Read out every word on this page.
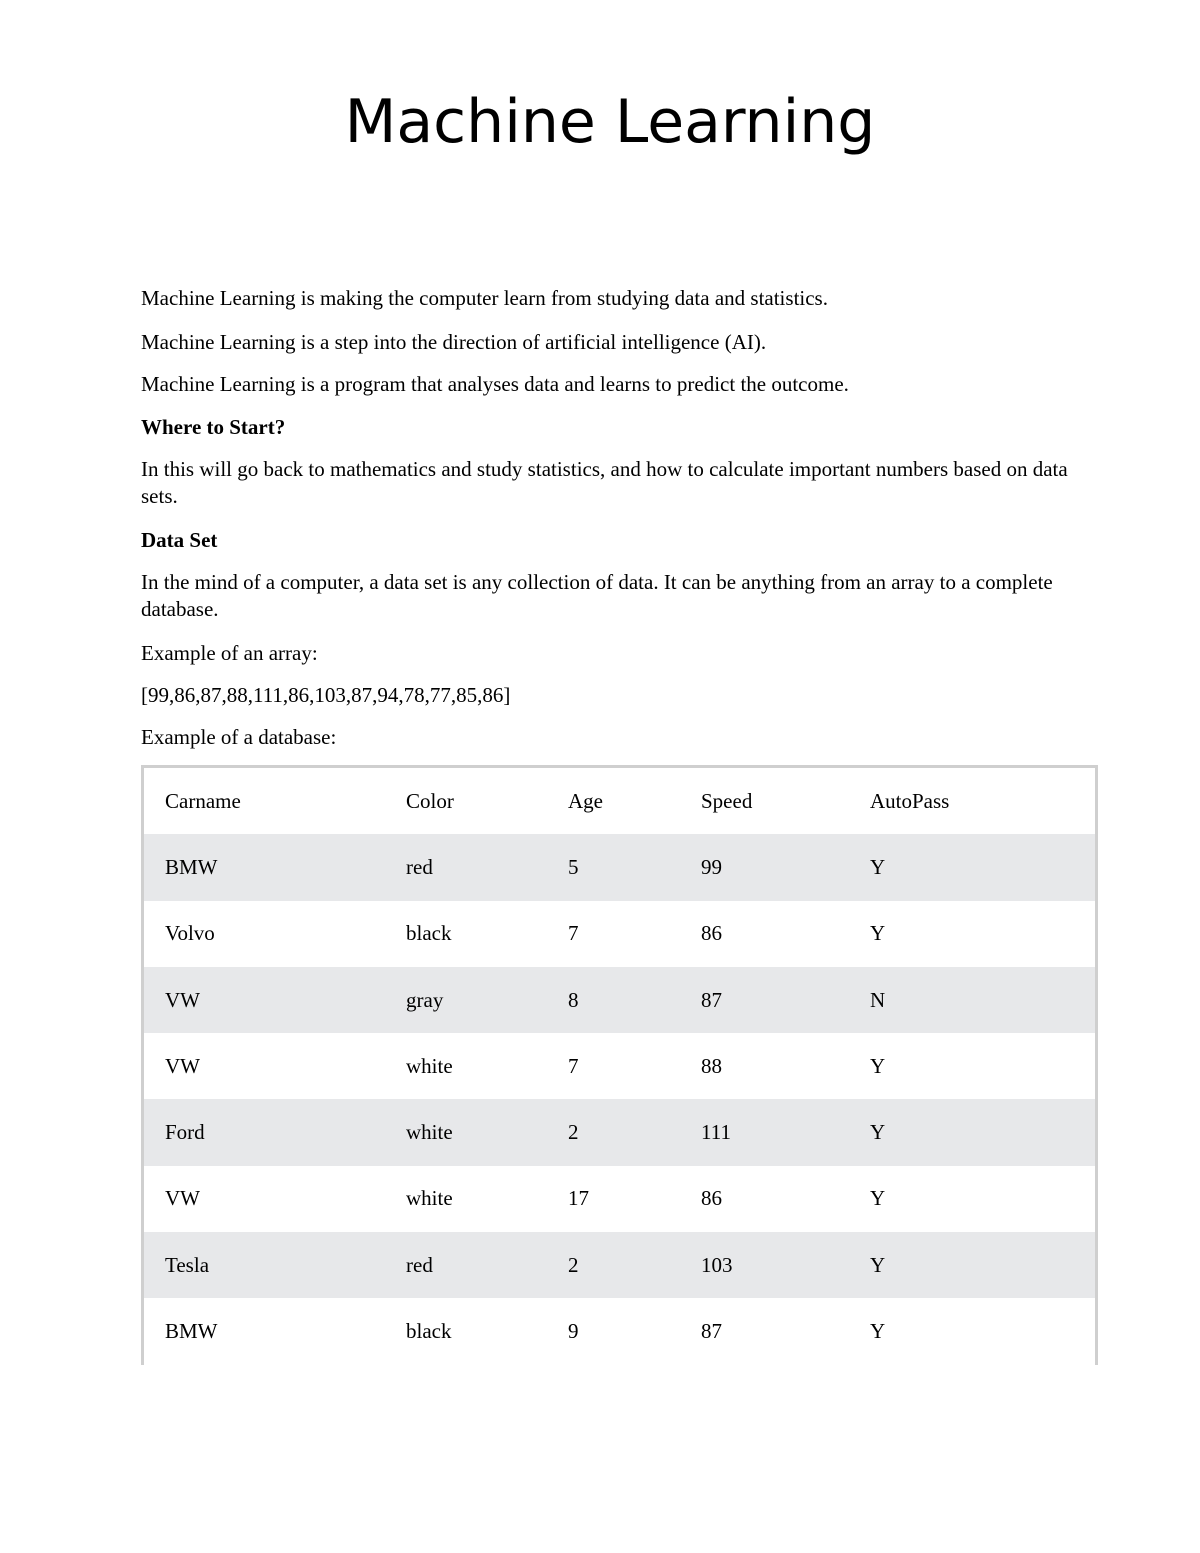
Machine Learning

Machine Learning is making the computer learn from studying data and statistics.

Machine Learning is a step into the direction of artificial intelligence (AI).

Machine Learning is a program that analyses data and learns to predict the outcome.

Where to Start?

In this will go back to mathematics and study statistics, and how to calculate important numbers based on data sets.

Data Set

In the mind of a computer, a data set is any collection of data. It can be anything from an array to a complete database.

Example of an array:

[99,86,87,88,111,86,103,87,94,78,77,85,86]

Example of a database:

Carname	Color	Age	Speed	AutoPass
BMW	red	5	99	Y
Volvo	black	7	86	Y
VW	gray	8	87	N
VW	white	7	88	Y
Ford	white	2	111	Y
VW	white	17	86	Y
Tesla	red	2	103	Y
BMW	black	9	87	Y
